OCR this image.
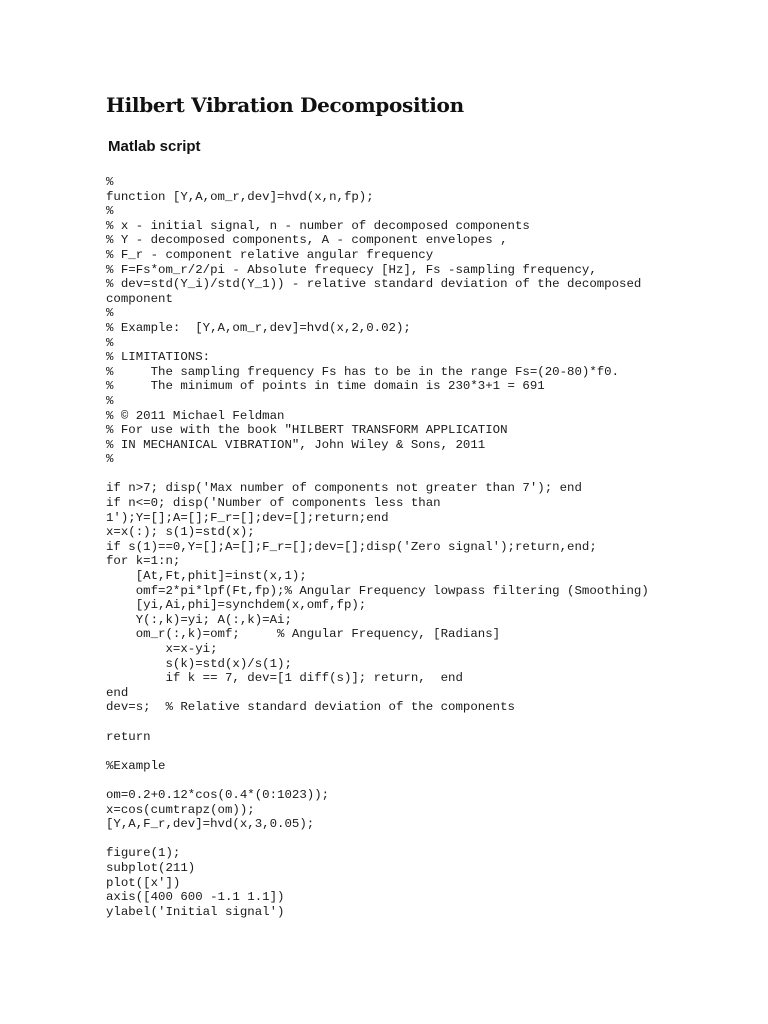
Hilbert Vibration Decomposition
Matlab script
%
function [Y,A,om_r,dev]=hvd(x,n,fp);
%
% x - initial signal, n - number of decomposed components
% Y - decomposed components, A - component envelopes ,
% F_r - component relative angular frequency
% F=Fs*om_r/2/pi - Absolute frequecy [Hz], Fs -sampling frequency,
% dev=std(Y_i)/std(Y_1)) - relative standard deviation of the decomposed
component
%
% Example:  [Y,A,om_r,dev]=hvd(x,2,0.02);
%
% LIMITATIONS:
%     The sampling frequency Fs has to be in the range Fs=(20-80)*f0.
%     The minimum of points in time domain is 230*3+1 = 691
%
% © 2011 Michael Feldman
% For use with the book "HILBERT TRANSFORM APPLICATION
% IN MECHANICAL VIBRATION", John Wiley & Sons, 2011
%
if n>7; disp('Max number of components not greater than 7'); end
if n<=0; disp('Number of components less than
1');Y=[];A=[];F_r=[];dev=[];return;end
x=x(:); s(1)=std(x);
if s(1)==0,Y=[];A=[];F_r=[];dev=[];disp('Zero signal');return,end;
for k=1:n;
[At,Ft,phit]=inst(x,1);
omf=2*pi*lpf(Ft,fp);% Angular Frequency lowpass filtering (Smoothing)
[yi,Ai,phi]=synchdem(x,omf,fp);
Y(:,k)=yi; A(:,k)=Ai;
om_r(:,k)=omf;     % Angular Frequency, [Radians]
x=x-yi;
s(k)=std(x)/s(1);
if k == 7, dev=[1 diff(s)]; return,  end
end
dev=s;  % Relative standard deviation of the components
return
%Example
om=0.2+0.12*cos(0.4*(0:1023));
x=cos(cumtrapz(om));
[Y,A,F_r,dev]=hvd(x,3,0.05);
figure(1);
subplot(211)
plot([x'])
axis([400 600 -1.1 1.1])
ylabel('Initial signal')
